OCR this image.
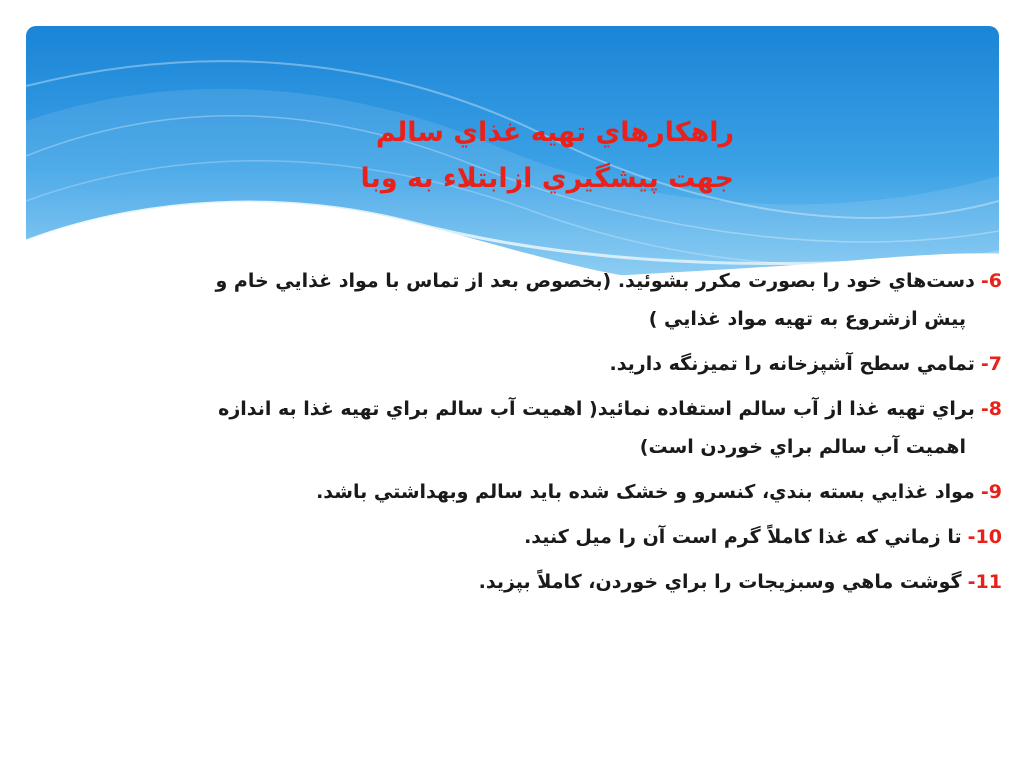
راهکارهاي تهيه غذاي سالم
جهت پيشگيري ازابتلاء به وبا
6- دست‌هاي خود را بصورت مکرر بشوئيد. (بخصوص بعد از تماس با مواد غذايي خام و
پيش ازشروع به تهيه مواد غذايي )
7- تمامي سطح آشپزخانه را تميزنگه داريد.
8- براي تهيه غذا از آب سالم استفاده نمائيد( اهميت آب سالم براي تهيه غذا به اندازه
اهميت آب سالم براي خوردن است)
9- مواد غذايي بسته بندي، کنسرو و خشک شده بايد سالم وبهداشتي باشد.
10- تا زماني که غذا کاملاً گرم است آن را ميل کنيد.
11- گوشت ماهي وسبزيجات را براي خوردن، کاملاً بپزيد.
